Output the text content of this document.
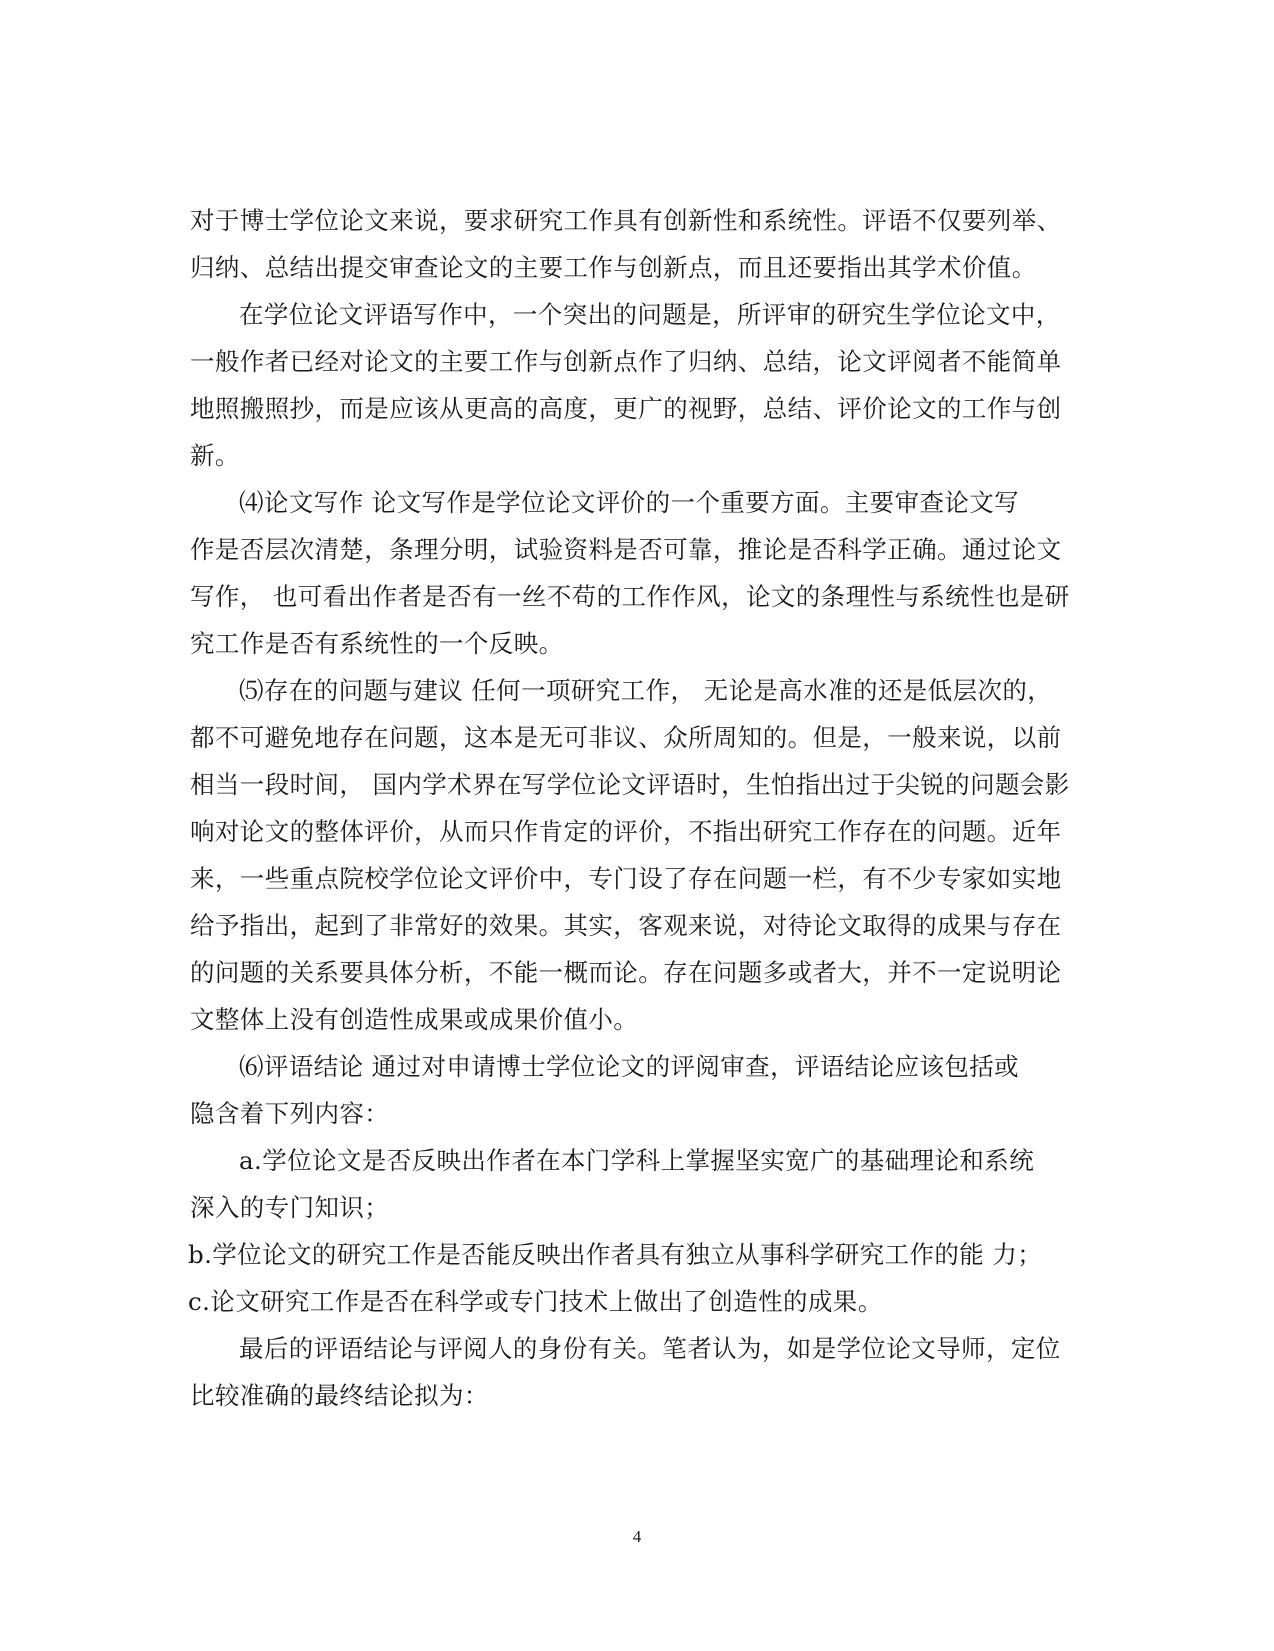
对于博士学位论文来说，要求研究工作具有创新性和系统性。评语不仅要列举、
归纳、总结出提交审查论文的主要工作与创新点，而且还要指出其学术价值。
在学位论文评语写作中，一个突出的问题是，所评审的研究生学位论文中，
一般作者已经对论文的主要工作与创新点作了归纳、总结，论文评阅者不能简单
地照搬照抄，而是应该从更高的高度，更广的视野，总结、评价论文的工作与创
新。
⑷论文写作 论文写作是学位论文评价的一个重要方面。主要审查论文写
作是否层次清楚，条理分明，试验资料是否可靠，推论是否科学正确。通过论文
写作， 也可看出作者是否有一丝不苟的工作作风，论文的条理性与系统性也是研
究工作是否有系统性的一个反映。
⑸存在的问题与建议 任何一项研究工作， 无论是高水准的还是低层次的，
都不可避免地存在问题，这本是无可非议、众所周知的。但是，一般来说，以前
相当一段时间， 国内学术界在写学位论文评语时，生怕指出过于尖锐的问题会影
响对论文的整体评价，从而只作肯定的评价，不指出研究工作存在的问题。近年
来，一些重点院校学位论文评价中，专门设了存在问题一栏，有不少专家如实地
给予指出，起到了非常好的效果。其实，客观来说，对待论文取得的成果与存在
的问题的关系要具体分析，不能一概而论。存在问题多或者大，并不一定说明论
文整体上没有创造性成果或成果价值小。
⑹评语结论 通过对申请博士学位论文的评阅审查，评语结论应该包括或
隐含着下列内容：
a.学位论文是否反映出作者在本门学科上掌握坚实宽广的基础理论和系统
深入的专门知识；
b.学位论文的研究工作是否能反映出作者具有独立从事科学研究工作的能 力；
c.论文研究工作是否在科学或专门技术上做出了创造性的成果。
最后的评语结论与评阅人的身份有关。笔者认为，如是学位论文导师，定位
比较准确的最终结论拟为：
4
